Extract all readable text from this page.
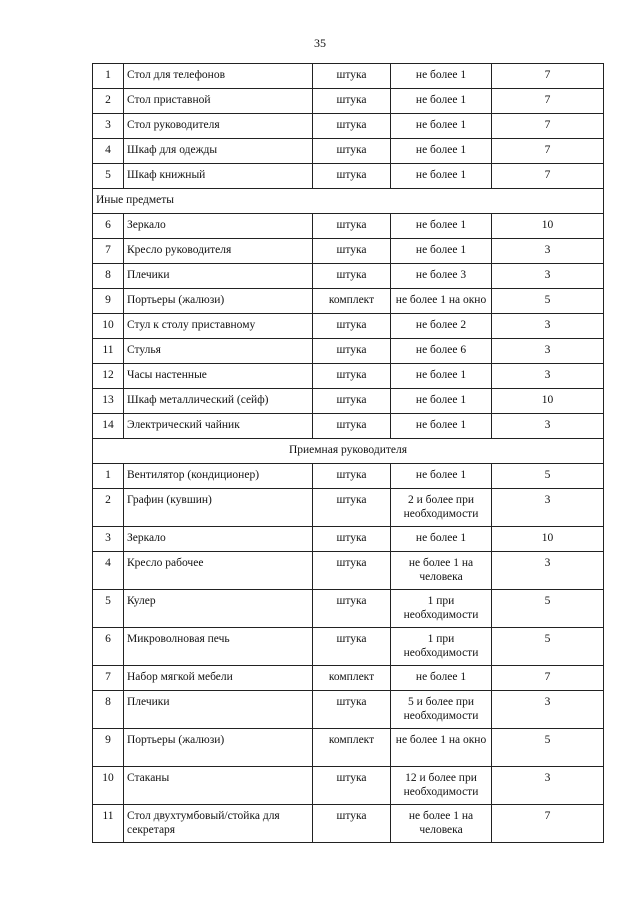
35
1	Стол для телефонов	штука	не более 1	7

2	Стол приставной	штука	не более 1	7

3	Стол руководителя	штука	не более 1	7

4	Шкаф для одежды	штука	не более 1	7

5	Шкаф книжный	штука	не более 1	7

Иные предметы				

6	Зеркало	штука	не более 1	10

7	Кресло руководителя	штука	не более 1	3

8	Плечики	штука	не более 3	3

9	Портьеры (жалюзи)	комплект	не более 1 на окно	5

10	Стул к столу приставному	штука	не более 2	3

11	Стулья	штука	не более 6	3

12	Часы настенные	штука	не более 1	3

13	Шкаф металлический (сейф)	штука	не более 1	10

14	Электрический чайник	штука	не более 1	3

Приемная руководителя				

1	Вентилятор (кондиционер)	штука	не более 1	5

2	Графин (кувшин)	штука	2 и более при необходимости	3

3	Зеркало	штука	не более 1	10

4	Кресло рабочее	штука	не более 1 на человека	3

5	Кулер	штука	1 при необходимости	5

6	Микроволновая печь	штука	1 при необходимости	5

7	Набор мягкой мебели	комплект	не более 1	7

8	Плечики	штука	5 и более при необходимости	3

9	Портьеры (жалюзи)	комплект	не более 1 на окно	5

10	Стаканы	штука	12 и более при необходимости	3

11	Стол двухтумбовый/стойка для секретаря	штука	не более 1 на человека	7
